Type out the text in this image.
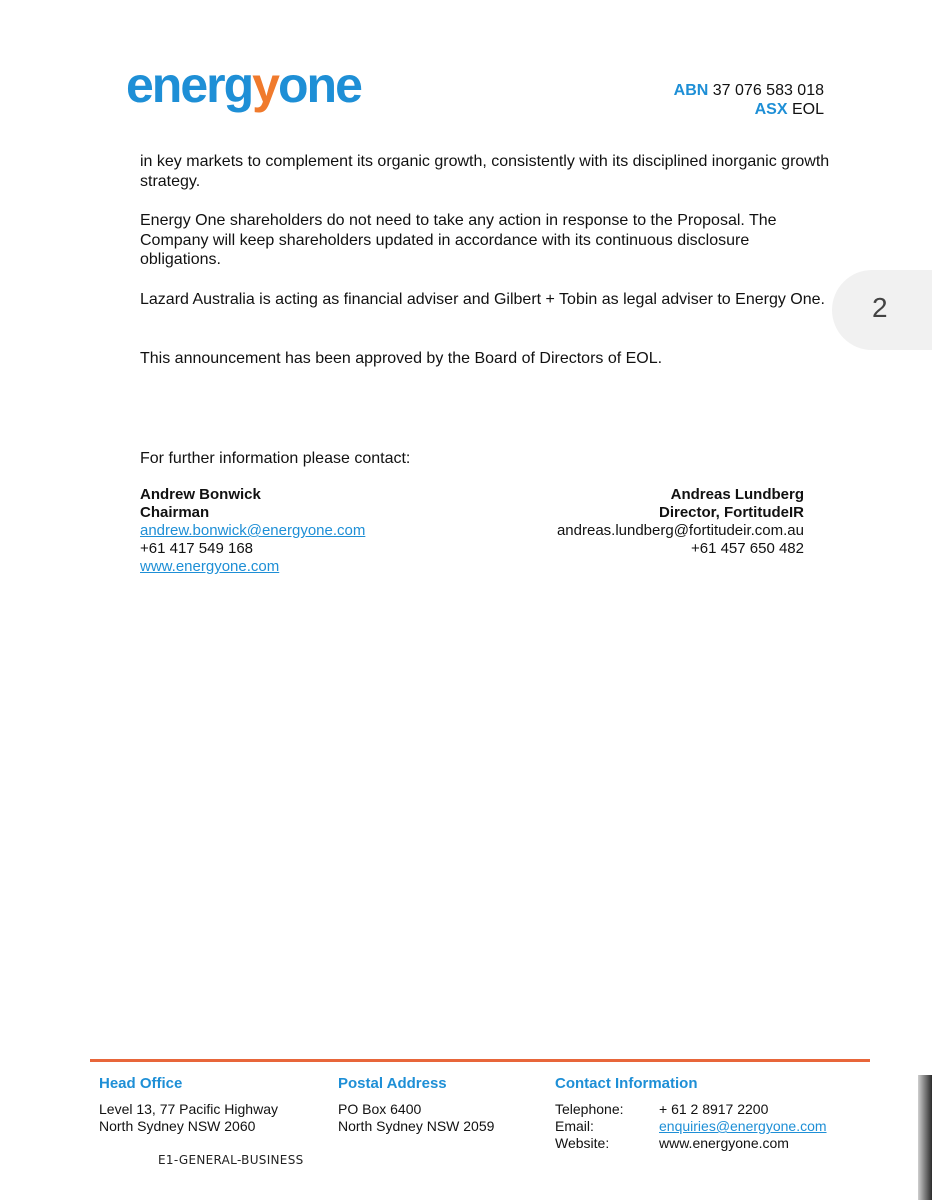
energyone	ABN 37 076 583 018
ASX EOL
in key markets to complement its organic growth, consistently with its disciplined inorganic growth strategy.
Energy One shareholders do not need to take any action in response to the Proposal. The Company will keep shareholders updated in accordance with its continuous disclosure obligations.
Lazard Australia is acting as financial adviser and Gilbert + Tobin as legal adviser to Energy One.
This announcement has been approved by the Board of Directors of EOL.
For further information please contact:
Andrew Bonwick
Chairman
andrew.bonwick@energyone.com
+61 417 549 168
www.energyone.com
Andreas Lundberg
Director, FortitudeIR
andreas.lundberg@fortitudeir.com.au
+61 457 650 482
2
Head Office
Level 13, 77 Pacific Highway
North Sydney NSW 2060
Postal Address
PO Box 6400
North Sydney NSW 2059
Contact Information
Telephone:	+ 61 2 8917 2200
Email:	enquiries@energyone.com
Website:	www.energyone.com
E1-GENERAL-BUSINESS
